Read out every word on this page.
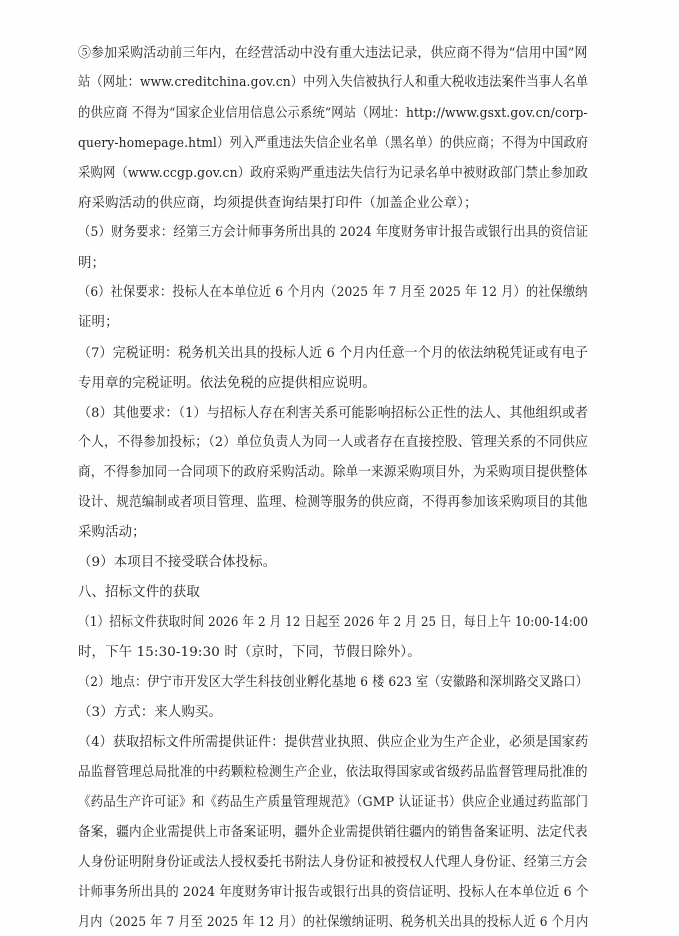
⑤参加采购活动前三年内，在经营活动中没有重大违法记录，供应商不得为“信用中国”网
站（网址：www.creditchina.gov.cn）中列入失信被执行人和重大税收违法案件当事人名单
的供应商 不得为“国家企业信用信息公示系统”网站（网址：http://www.gsxt.gov.cn/corp-
query-homepage.html）列入严重违法失信企业名单（黑名单）的供应商；不得为中国政府
采购网（www.ccgp.gov.cn）政府采购严重违法失信行为记录名单中被财政部门禁止参加政
府采购活动的供应商，均须提供查询结果打印件（加盖企业公章）；
（5）财务要求：经第三方会计师事务所出具的 2024 年度财务审计报告或银行出具的资信证
明；
（6）社保要求：投标人在本单位近 6 个月内（2025 年 7 月至 2025 年 12 月）的社保缴纳
证明；
（7）完税证明：税务机关出具的投标人近 6 个月内任意一个月的依法纳税凭证或有电子
专用章的完税证明。依法免税的应提供相应说明。
（8）其他要求：（1）与招标人存在利害关系可能影响招标公正性的法人、其他组织或者
个人，不得参加投标；（2）单位负责人为同一人或者存在直接控股、管理关系的不同供应
商，不得参加同一合同项下的政府采购活动。除单一来源采购项目外，为采购项目提供整体
设计、规范编制或者项目管理、监理、检测等服务的供应商，不得再参加该采购项目的其他
采购活动；
（9）本项目不接受联合体投标。
八、招标文件的获取
（1）招标文件获取时间 2026 年 2 月 12 日起至 2026 年 2 月 25 日，每日上午 10:00-14:00
时，下午 15:30-19:30 时（京时，下同，节假日除外）。
（2）地点：伊宁市开发区大学生科技创业孵化基地 6 楼 623 室（安徽路和深圳路交叉路口）
（3）方式：来人购买。
（4）获取招标文件所需提供证件：提供营业执照、供应企业为生产企业，必须是国家药
品监督管理总局批准的中药颗粒检测生产企业，依法取得国家或省级药品监督管理局批准的
《药品生产许可证》和《药品生产质量管理规范》（GMP 认证证书）供应企业通过药监部门
备案，疆内企业需提供上市备案证明，疆外企业需提供销往疆内的销售备案证明、法定代表
人身份证明附身份证或法人授权委托书附法人身份证和被授权人代理人身份证、经第三方会
计师事务所出具的 2024 年度财务审计报告或银行出具的资信证明、投标人在本单位近 6 个
月内（2025 年 7 月至 2025 年 12 月）的社保缴纳证明、税务机关出具的投标人近 6 个月内
